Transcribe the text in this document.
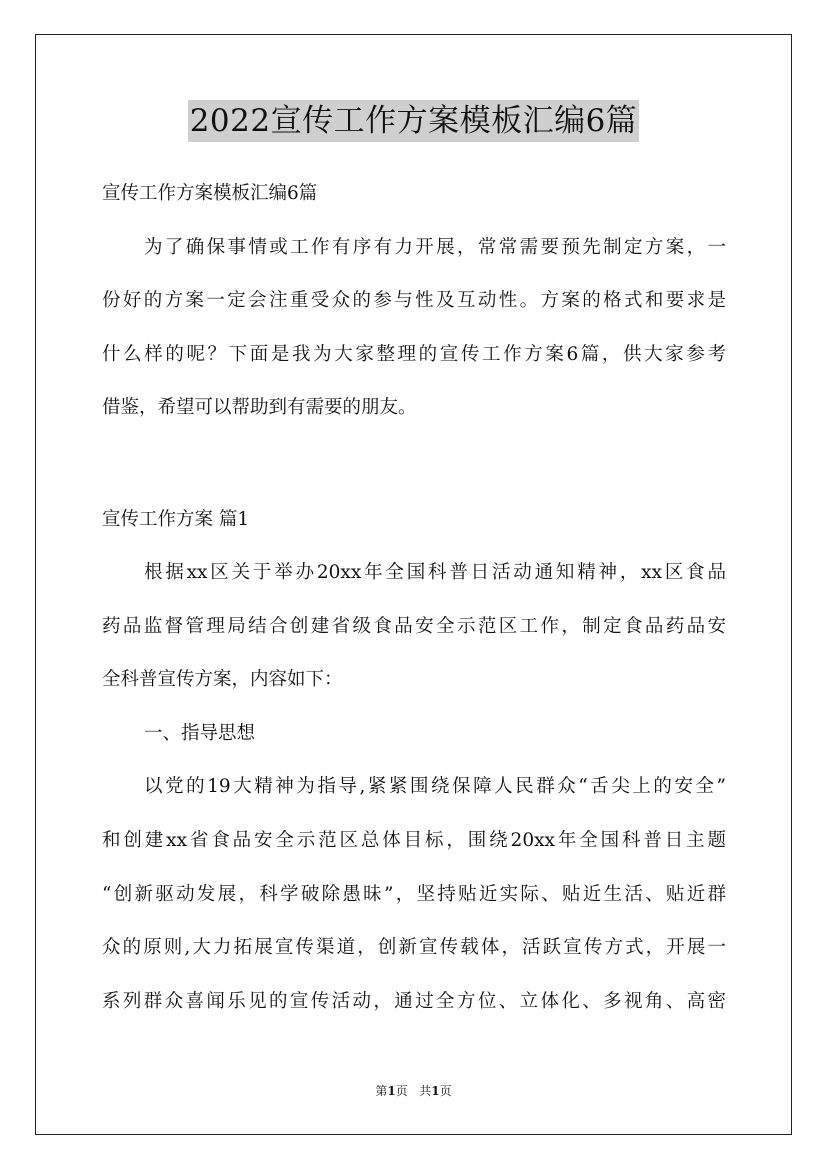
2022宣传工作方案模板汇编6篇
宣传工作方案模板汇编6篇
为了确保事情或工作有序有力开展，常常需要预先制定方案，一
份好的方案一定会注重受众的参与性及互动性。方案的格式和要求是
什么样的呢？下面是我为大家整理的宣传工作方案6篇，供大家参考
借鉴，希望可以帮助到有需要的朋友。
宣传工作方案 篇1
根据xx区关于举办20xx年全国科普日活动通知精神，xx区食品
药品监督管理局结合创建省级食品安全示范区工作，制定食品药品安
全科普宣传方案，内容如下：
一、指导思想
以党的19大精神为指导,紧紧围绕保障人民群众“舌尖上的安全”
和创建xx省食品安全示范区总体目标，围绕20xx年全国科普日主题
“创新驱动发展，科学破除愚昧”，坚持贴近实际、贴近生活、贴近群
众的原则,大力拓展宣传渠道，创新宣传载体，活跃宣传方式，开展一
系列群众喜闻乐见的宣传活动，通过全方位、立体化、多视角、高密
第1页 共1页
